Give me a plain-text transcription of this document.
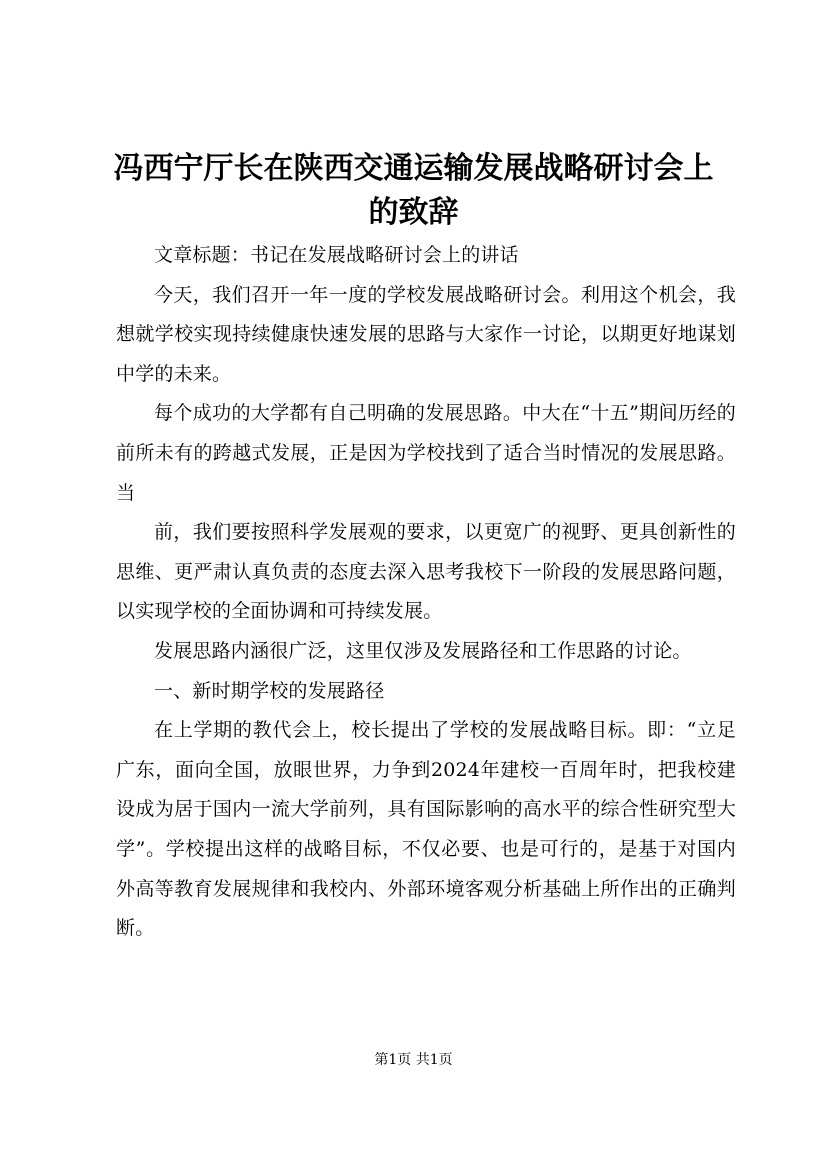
冯西宁厅长在陕西交通运输发展战略研讨会上
的致辞

文章标题：书记在发展战略研讨会上的讲话

今天，我们召开一年一度的学校发展战略研讨会。利用这个机会，我想就学校实现持续健康快速发展的思路与大家作一讨论，以期更好地谋划中学的未来。

每个成功的大学都有自己明确的发展思路。中大在“十五”期间历经的前所未有的跨越式发展，正是因为学校找到了适合当时情况的发展思路。当

前，我们要按照科学发展观的要求，以更宽广的视野、更具创新性的思维、更严肃认真负责的态度去深入思考我校下一阶段的发展思路问题，以实现学校的全面协调和可持续发展。

发展思路内涵很广泛，这里仅涉及发展路径和工作思路的讨论。

一、新时期学校的发展路径

在上学期的教代会上，校长提出了学校的发展战略目标。即：“立足广东，面向全国，放眼世界，力争到2024年建校一百周年时，把我校建设成为居于国内一流大学前列，具有国际影响的高水平的综合性研究型大学”。学校提出这样的战略目标，不仅必要、也是可行的，是基于对国内外高等教育发展规律和我校内、外部环境客观分析基础上所作出的正确判断。

第1页 共1页
